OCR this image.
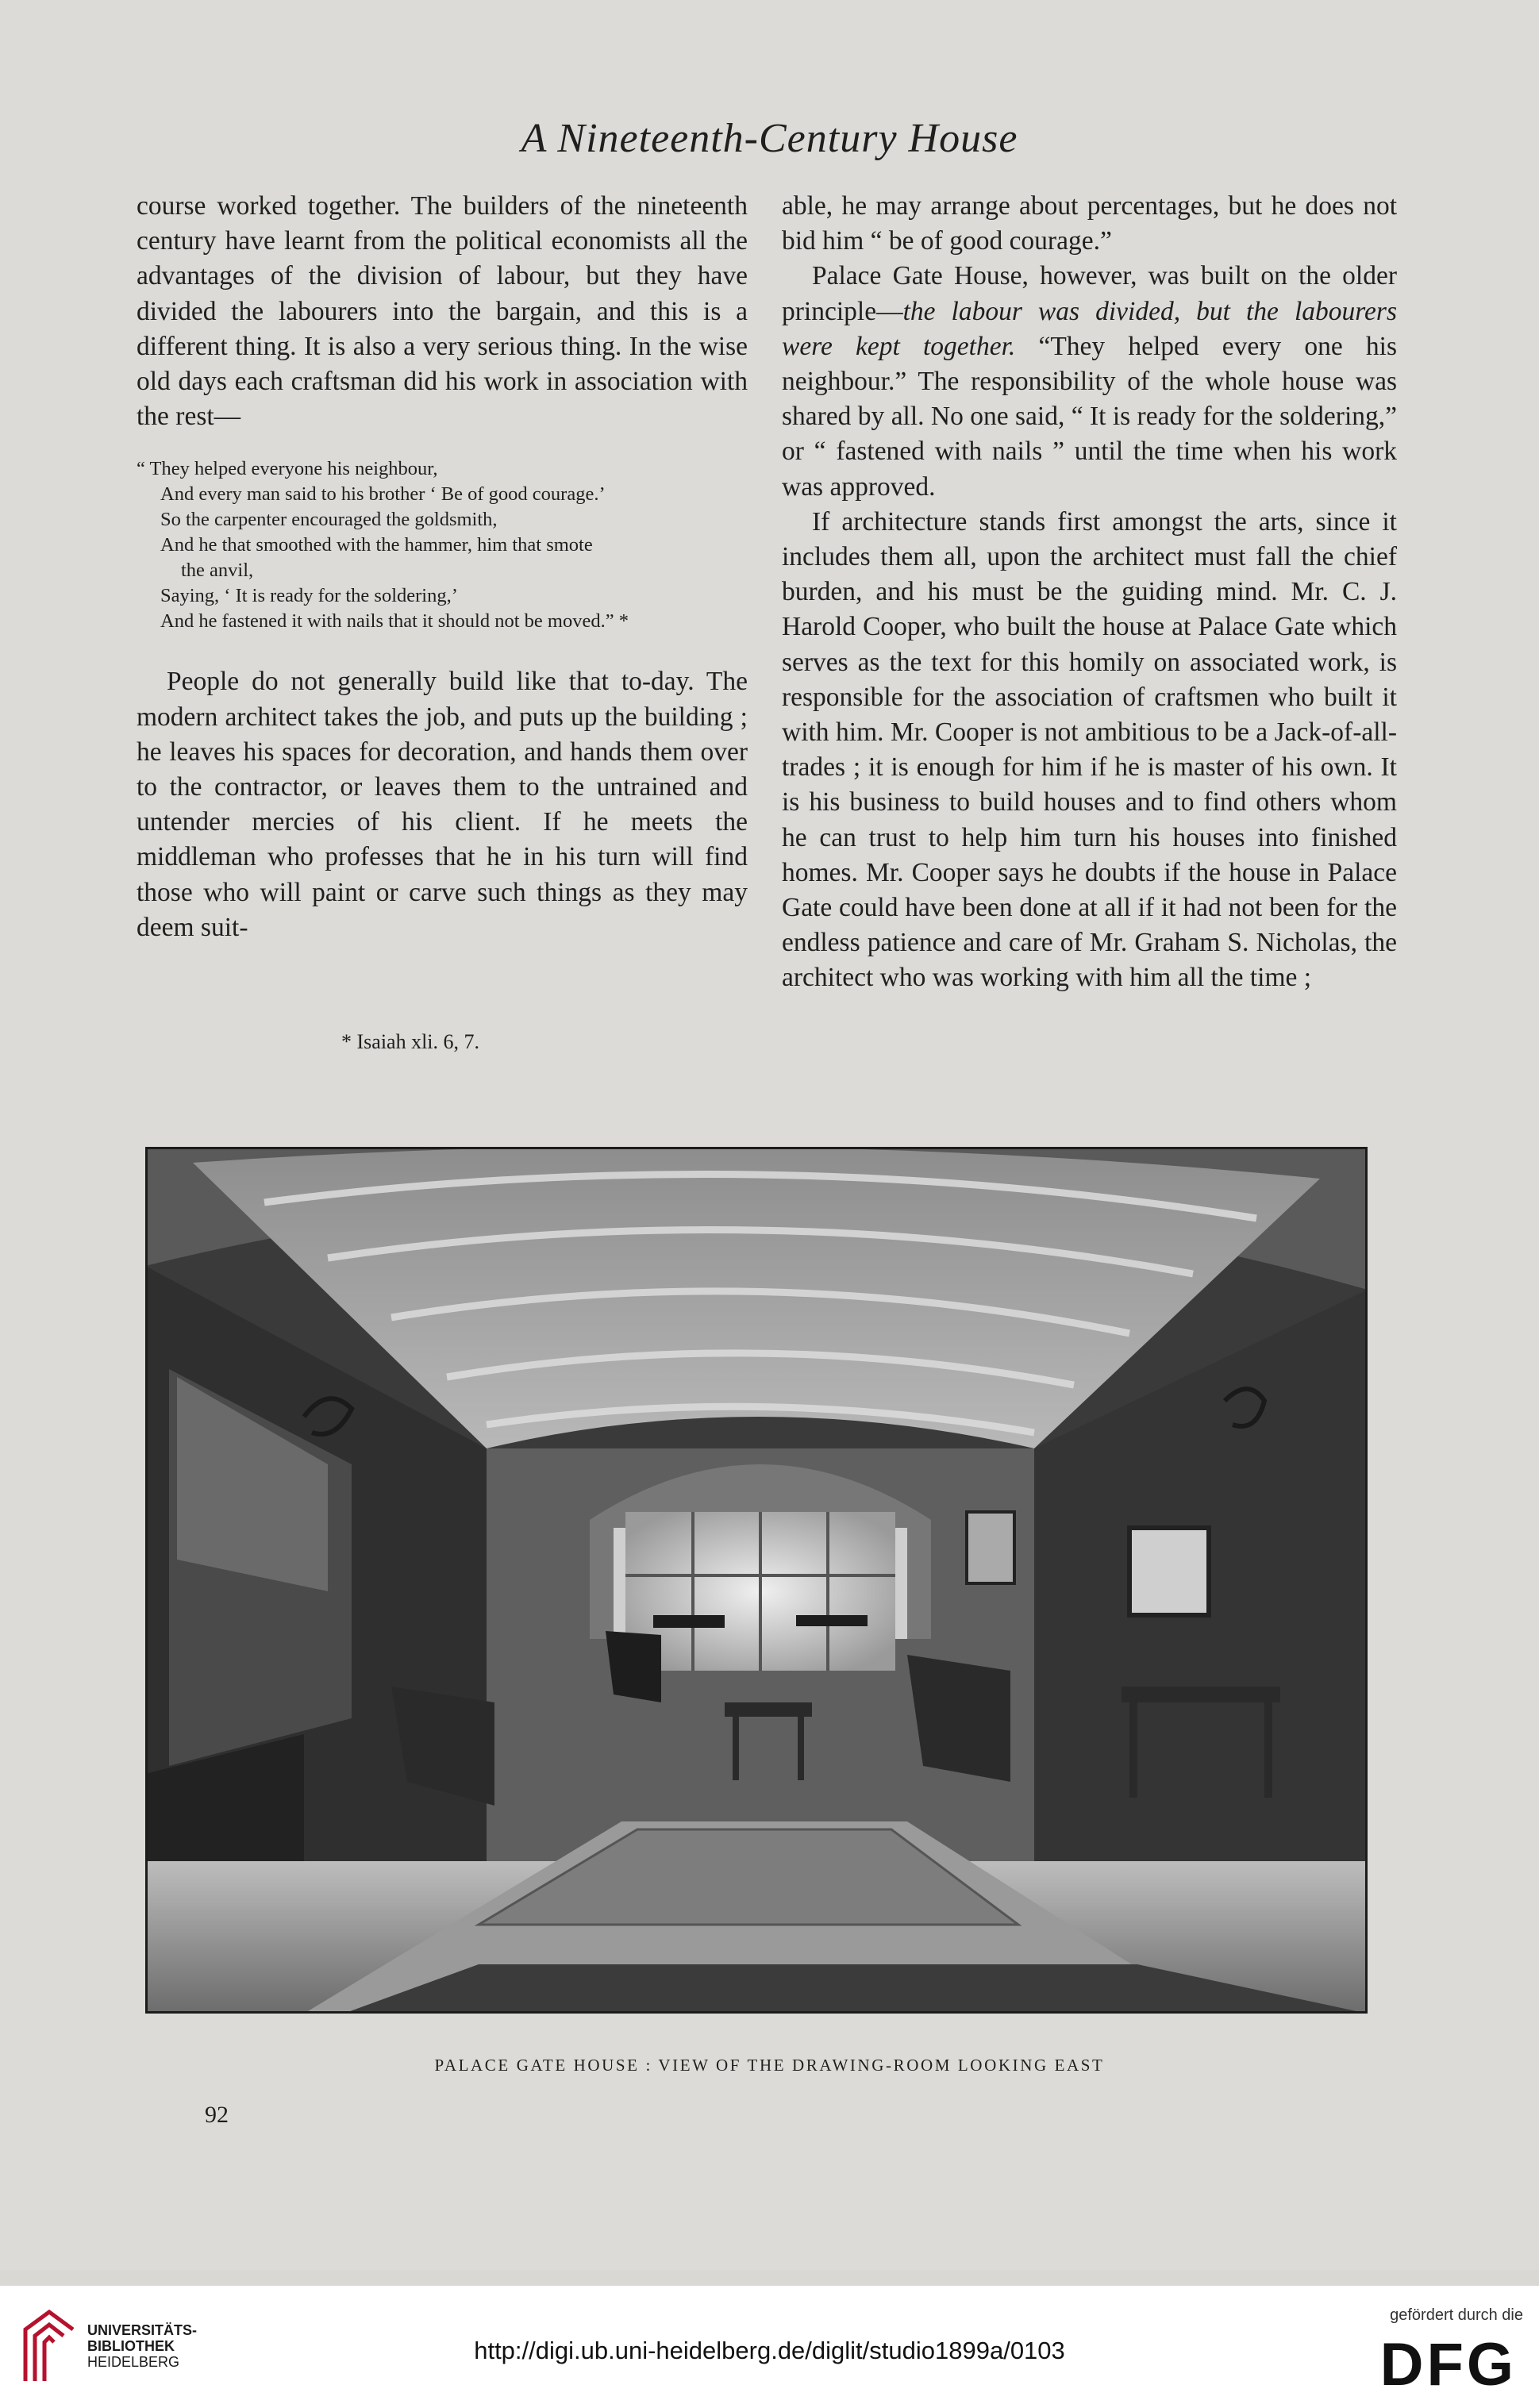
A Nineteenth-Century House

course worked together. The builders of the nineteenth century have learnt from the political economists all the advantages of the division of labour, but they have divided the labourers into the bargain, and this is a different thing. It is also a very serious thing. In the wise old days each craftsman did his work in association with the rest—

“ They helped everyone his neighbour,
And every man said to his brother ‘ Be of good courage.’
So the carpenter encouraged the goldsmith,
And he that smoothed with the hammer, him that smote
the anvil,
Saying, ‘ It is ready for the soldering,’
And he fastened it with nails that it should not be moved.” *

People do not generally build like that to-day. The modern architect takes the job, and puts up the building ; he leaves his spaces for decoration, and hands them over to the contractor, or leaves them to the untrained and untender mercies of his client. If he meets the middleman who professes that he in his turn will find those who will paint or carve such things as they may deem suit-

* Isaiah xli. 6, 7.

able, he may arrange about percentages, but he does not bid him “ be of good courage.”

Palace Gate House, however, was built on the older principle—the labour was divided, but the labourers were kept together. “They helped every one his neighbour.” The responsibility of the whole house was shared by all. No one said, “ It is ready for the soldering,” or “ fastened with nails ” until the time when his work was approved.

If architecture stands first amongst the arts, since it includes them all, upon the architect must fall the chief burden, and his must be the guiding mind. Mr. C. J. Harold Cooper, who built the house at Palace Gate which serves as the text for this homily on associated work, is responsible for the association of craftsmen who built it with him. Mr. Cooper is not ambitious to be a Jack-of-all-trades ; it is enough for him if he is master of his own. It is his business to build houses and to find others whom he can trust to help him turn his houses into finished homes. Mr. Cooper says he doubts if the house in Palace Gate could have been done at all if it had not been for the endless patience and care of Mr. Graham S. Nicholas, the architect who was working with him all the time ;

PALACE GATE HOUSE : VIEW OF THE DRAWING-ROOM LOOKING EAST
92
UNIVERSITÄTS-
BIBLIOTHEK
HEIDELBERG	http://digi.ub.uni-heidelberg.de/diglit/studio1899a/0103
gefördert durch die
DFG
